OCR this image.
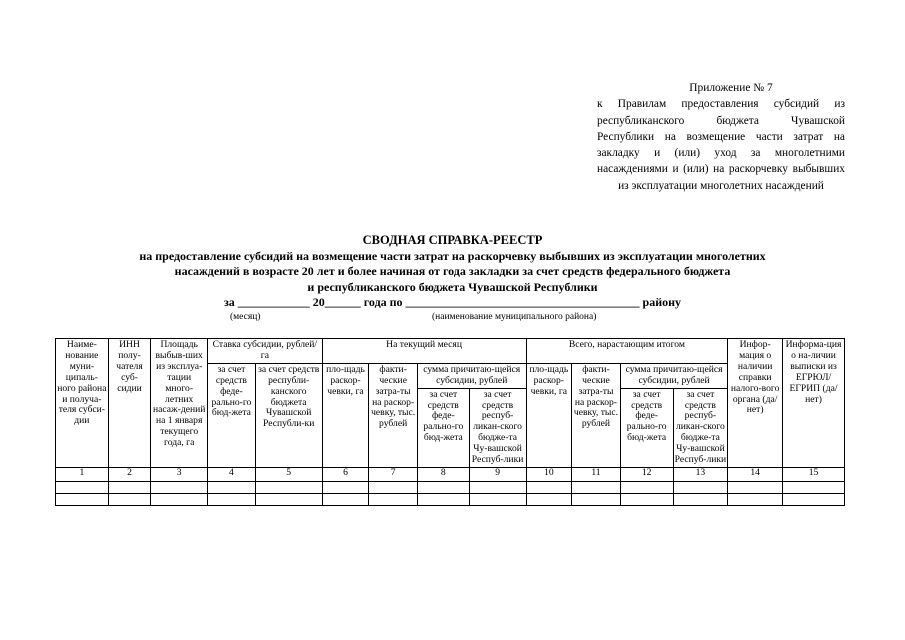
Приложение № 7
к Правилам предоставления субсидий из республиканского бюджета Чувашской Республики на возмещение части затрат на закладку и (или) уход за многолетними насаждениями и (или) на раскорчевку выбывших из эксплуатации многолетних насаждений
СВОДНАЯ СПРАВКА-РЕЕСТР
на предоставление субсидий на возмещение части затрат на раскорчевку выбывших из эксплуатации многолетних
насаждений в возрасте 20 лет и более начиная от года закладки за счет средств федерального бюджета
и республиканского бюджета Чувашской Республики
за ____________ 20______ года по _______________________________________ району
(месяц)	(наименование муниципального района)
Наиме-нование муни-ципаль-ного района и получа-теля субси-дии	ИНН полу-чателя суб-сидии	Площадь выбыв-ших из эксплуа-тации много-летних насаж-дений на 1 января текущего года, га	Ставка субсидии, рублей/га		На текущий месяц				Всего, нарастающим итогом				Инфор-мация о наличии справки налого-вого органа (да/нет)	Информа-ция о на-личии выписки из ЕГРЮЛ/ ЕГРИП (да/нет)
			за счет средств феде-рально-го бюд-жета	за счет средств республи-канского бюджета Чувашской Республи-ки	пло-щадь раскор-чевки, га	факти-ческие затра-ты на раскор-чевку, тыс. рублей	сумма причитаю-щейся субсидии, рублей		пло-щадь раскор-чевки, га	факти-ческие затра-ты на раскор-чевку, тыс. рублей	сумма причитаю-щейся субсидии, рублей			
							за счет средств феде-рально-го бюд-жета	за счет средств респуб-ликан-ского бюдже-та Чу-вашской Респуб-лики			за счет средств феде-рально-го бюд-жета	за счет средств респуб-ликан-ского бюдже-та Чу-вашской Респуб-лики		
1	2	3	4	5	6	7	8	9	10	11	12	13	14	15
